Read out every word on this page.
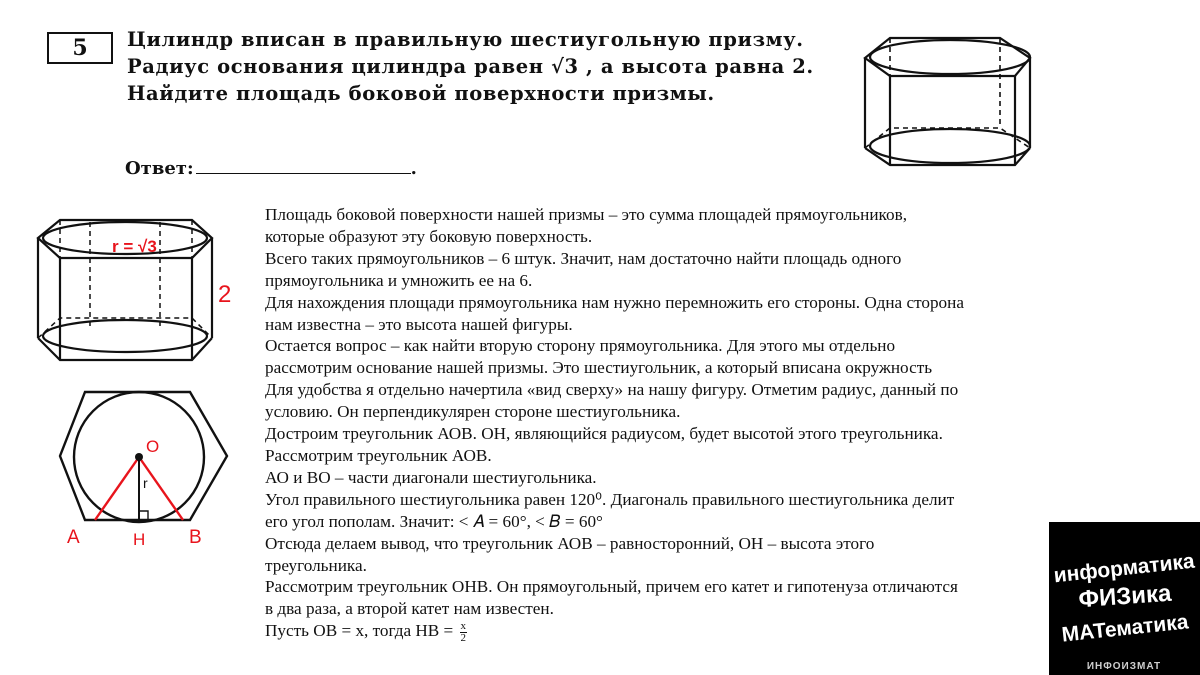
5 Цилиндр вписан в правильную шестиугольную призму.
Радиус основания цилиндра равен √3 , а высота равна 2.
Найдите площадь боковой поверхности призмы.
Ответ:	.
r = √3
2
O
r
A	H B

Площадь боковой поверхности нашей призмы – это сумма площадей прямоугольников,

которые образуют эту боковую поверхность.

Всего таких прямоугольников – 6 штук. Значит, нам достаточно найти площадь одного

прямоугольника и умножить ее на 6.

Для нахождения площади прямоугольника нам нужно перемножить его стороны. Одна сторона

нам известна – это высота нашей фигуры.

Остается вопрос – как найти вторую сторону прямоугольника. Для этого мы отдельно

рассмотрим основание нашей призмы. Это шестиугольник, а который вписана окружность

Для удобства я отдельно начертила «вид сверху» на нашу фигуру. Отметим радиус, данный по

условию. Он перпендикулярен стороне шестиугольника.

Достроим треугольник АОВ. ОН, являющийся радиусом, будет высотой этого треугольника.

Рассмотрим треугольник АОВ.

АО и ВО – части диагонали шестиугольника.

Угол правильного шестиугольника равен 120⁰. Диагональ правильного шестиугольника делит

его угол пополам. Значит: < 𝐴 = 60°, < 𝐵 = 60°

Отсюда делаем вывод, что треугольник АОВ – равносторонний, ОН – высота этого

треугольника.

Рассмотрим треугольник ОНВ. Он прямоугольный, причем его катет и гипотенуза отличаются

в два раза, а второй катет нам известен.

Пусть ОВ = х, тогда НВ = $\frac{x}{2}$

информатика
ФИЗика
МАТематика
ИНФОИЗМАТ
